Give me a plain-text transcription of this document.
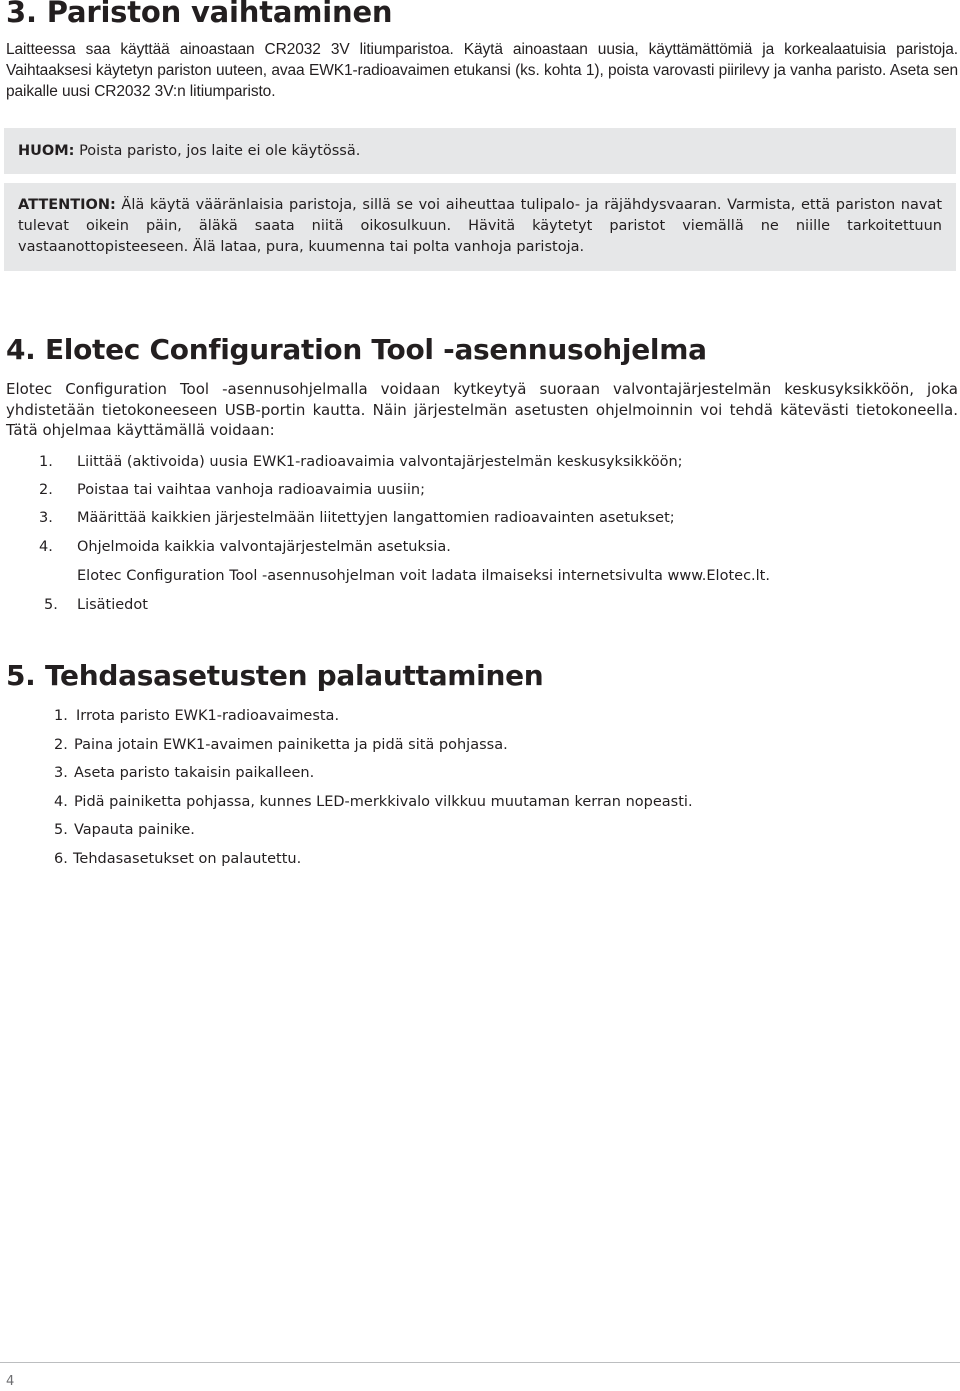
3. Pariston vaihtaminen
Laitteessa saa käyttää ainoastaan CR2032 3V litiumparistoa. Käytä ainoastaan uusia, käyttämättömiä ja korkealaatuisia paristoja. Vaihtaaksesi käytetyn pariston uuteen, avaa EWK1-radioavaimen etukansi (ks. kohta 1), poista varovasti piirilevy ja vanha paristo. Aseta sen paikalle uusi CR2032 3V:n litiumparisto.
HUOM: Poista paristo, jos laite ei ole käytössä.
ATTENTION: Älä käytä vääränlaisia paristoja, sillä se voi aiheuttaa tulipalo- ja räjähdysvaaran. Varmista, että pariston navat tulevat oikein päin, äläkä saata niitä oikosulkuun. Hävitä käytetyt paristot viemällä ne niille tarkoitettuun vastaanottopisteeseen. Älä lataa, pura, kuumenna tai polta vanhoja paristoja.
4. Elotec Configuration Tool -asennusohjelma
Elotec Configuration Tool -asennusohjelmalla voidaan kytkeytyä suoraan valvontajärjestelmän keskusyksikköön, joka yhdistetään tietokoneeseen USB-portin kautta. Näin järjestelmän asetusten ohjelmoinnin voi tehdä kätevästi tietokoneella. Tätä ohjelmaa käyttämällä voidaan:
1. Liittää (aktivoida) uusia EWK1-radioavaimia valvontajärjestelmän keskusyksikköön;
2. Poistaa tai vaihtaa vanhoja radioavaimia uusiin;
3. Määrittää kaikkien järjestelmään liitettyjen langattomien radioavainten asetukset;
4. Ohjelmoida kaikkia valvontajärjestelmän asetuksia.
Elotec Configuration Tool -asennusohjelman voit ladata ilmaiseksi internetsivulta www.Elotec.lt.
5. Lisätiedot
5. Tehdasasetusten palauttaminen
1. Irrota paristo EWK1-radioavaimesta.
2. Paina jotain EWK1-avaimen painiketta ja pidä sitä pohjassa.
3. Aseta paristo takaisin paikalleen.
4. Pidä painiketta pohjassa, kunnes LED-merkkivalo vilkkuu muutaman kerran nopeasti.
5. Vapauta painike.
6. Tehdasasetukset on palautettu.
4
